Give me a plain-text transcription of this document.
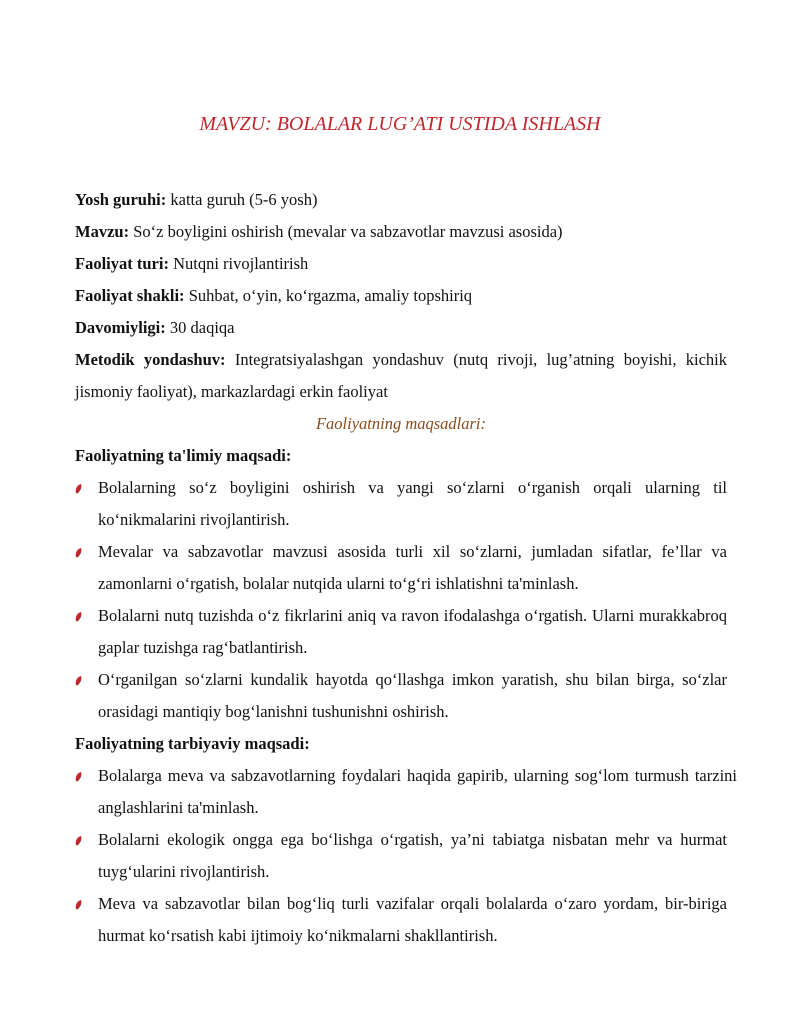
MAVZU: BOLALAR LUG’ATI USTIDA ISHLASH

Yosh guruhi: katta guruh (5-6 yosh)

Mavzu: So‘z boyligini oshirish (mevalar va sabzavotlar mavzusi asosida)

Faoliyat turi: Nutqni rivojlantirish

Faoliyat shakli: Suhbat, o‘yin, ko‘rgazma, amaliy topshiriq

Davomiyligi: 30 daqiqa

Metodik yondashuv: Integratsiyalashgan yondashuv (nutq rivoji, lug’atning boyishi, kichik jismoniy faoliyat), markazlardagi erkin faoliyat

Faoliyatning maqsadlari:

Faoliyatning ta'limiy maqsadi:

Bolalarning so‘z boyligini oshirish va yangi so‘zlarni o‘rganish orqali ularning til ko‘nikmalarini rivojlantirish.
Mevalar va sabzavotlar mavzusi asosida turli xil so‘zlarni, jumladan sifatlar, fe’llar va zamonlarni o‘rgatish, bolalar nutqida ularni to‘g‘ri ishlatishni ta'minlash.
Bolalarni nutq tuzishda o‘z fikrlarini aniq va ravon ifodalashga o‘rgatish. Ularni murakkabroq gaplar tuzishga rag‘batlantirish.
O‘rganilgan so‘zlarni kundalik hayotda qo‘llashga imkon yaratish, shu bilan birga, so‘zlar orasidagi mantiqiy bog‘lanishni tushunishni oshirish.

Faoliyatning tarbiyaviy maqsadi:

Bolalarga meva va sabzavotlarning foydalari haqida gapirib, ularning sog‘lom turmush tarzini anglashlarini ta'minlash.
Bolalarni ekologik ongga ega bo‘lishga o‘rgatish, ya’ni tabiatga nisbatan mehr va hurmat tuyg‘ularini rivojlantirish.
Meva va sabzavotlar bilan bog‘liq turli vazifalar orqali bolalarda o‘zaro yordam, bir-biriga hurmat ko‘rsatish kabi ijtimoiy ko‘nikmalarni shakllantirish.
